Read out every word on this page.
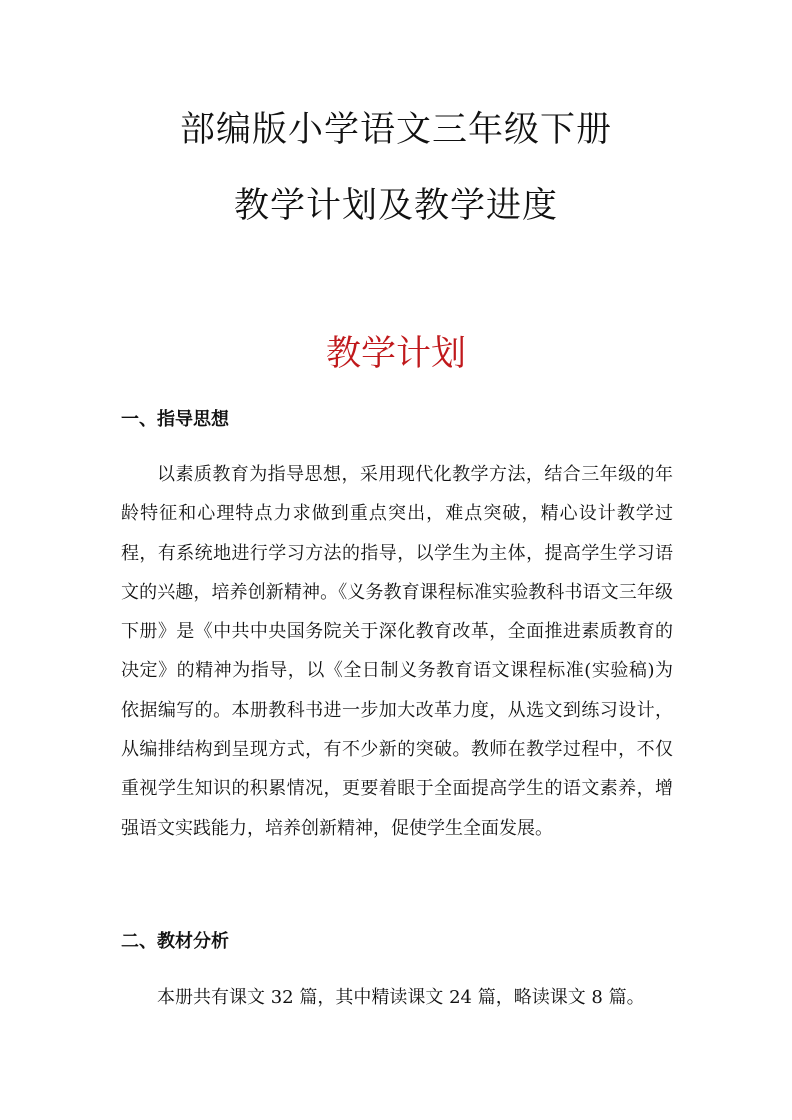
部编版小学语文三年级下册
教学计划及教学进度
教学计划
一、指导思想

以素质教育为指导思想，采用现代化教学方法，结合三年级的年龄特征和心理特点力求做到重点突出，难点突破，精心设计教学过程，有系统地进行学习方法的指导，以学生为主体，提高学生学习语文的兴趣，培养创新精神。《义务教育课程标准实验教科书语文三年级下册》是《中共中央国务院关于深化教育改革，全面推进素质教育的决定》的精神为指导，以《全日制义务教育语文课程标准(实验稿)为依据编写的。本册教科书进一步加大改革力度，从选文到练习设计，从编排结构到呈现方式，有不少新的突破。教师在教学过程中，不仅重视学生知识的积累情况，更要着眼于全面提高学生的语文素养，增强语文实践能力，培养创新精神，促使学生全面发展。

二、教材分析

本册共有课文 32 篇，其中精读课文 24 篇，略读课文 8 篇。
